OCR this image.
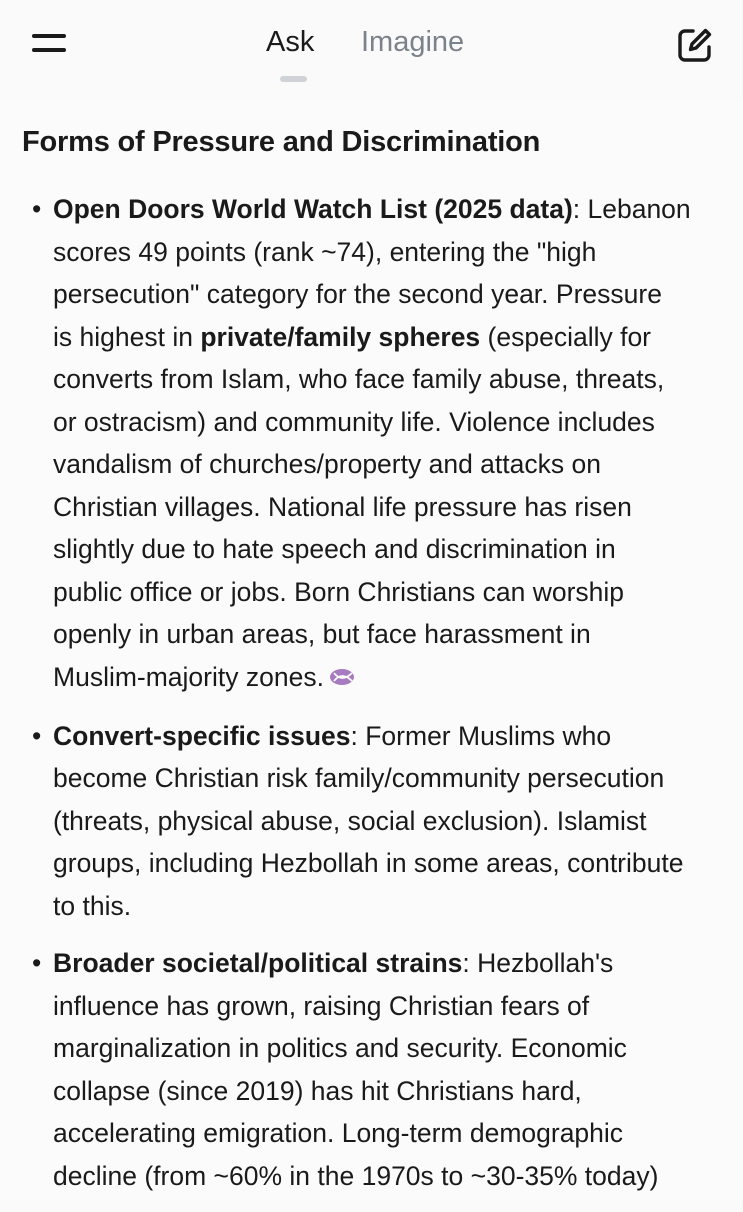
Ask Imagine
Forms of Pressure and Discrimination
• Open Doors World Watch List (2025 data): Lebanon
scores 49 points (rank ~74), entering the "high
persecution" category for the second year. Pressure
is highest in private/family spheres (especially for
converts from Islam, who face family abuse, threats,
or ostracism) and community life. Violence includes
vandalism of churches/property and attacks on
Christian villages. National life pressure has risen
slightly due to hate speech and discrimination in
public office or jobs. Born Christians can worship
openly in urban areas, but face harassment in
Muslim-majority zones.
• Convert-specific issues: Former Muslims who
become Christian risk family/community persecution
(threats, physical abuse, social exclusion). Islamist
groups, including Hezbollah in some areas, contribute
to this.
• Broader societal/political strains: Hezbollah's
influence has grown, raising Christian fears of
marginalization in politics and security. Economic
collapse (since 2019) has hit Christians hard,
accelerating emigration. Long-term demographic
decline (from ~60% in the 1970s to ~30-35% today)
